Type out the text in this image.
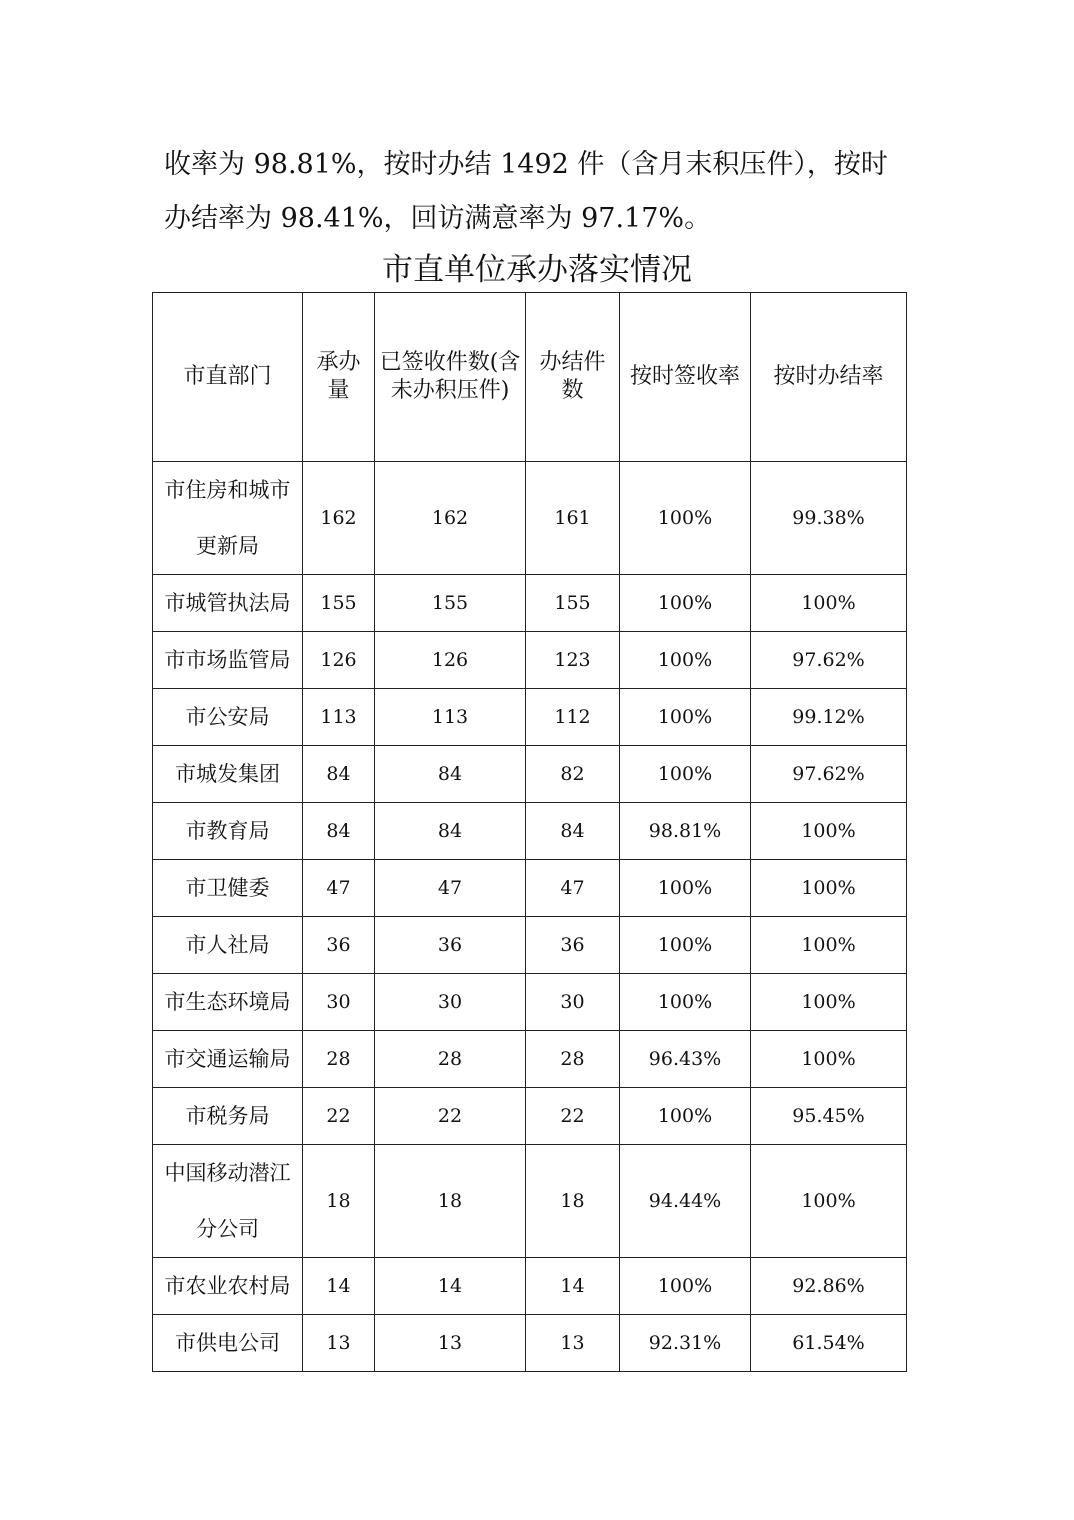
收率为 98.81%，按时办结 1492 件（含月末积压件），按时
办结率为 98.41%，回访满意率为 97.17%。
市直单位承办落实情况
市直部门	承办量	已签收件数(含未办积压件)	办结件数	按时签收率	按时办结率
市住房和城市更新局	162	162	161	100%	99.38%
市城管执法局	155	155	155	100%	100%
市市场监管局	126	126	123	100%	97.62%
市公安局	113	113	112	100%	99.12%
市城发集团	84	84	82	100%	97.62%
市教育局	84	84	84	98.81%	100%
市卫健委	47	47	47	100%	100%
市人社局	36	36	36	100%	100%
市生态环境局	30	30	30	100%	100%
市交通运输局	28	28	28	96.43%	100%
市税务局	22	22	22	100%	95.45%
中国移动潜江分公司	18	18	18	94.44%	100%
市农业农村局	14	14	14	100%	92.86%
市供电公司	13	13	13	92.31%	61.54%
